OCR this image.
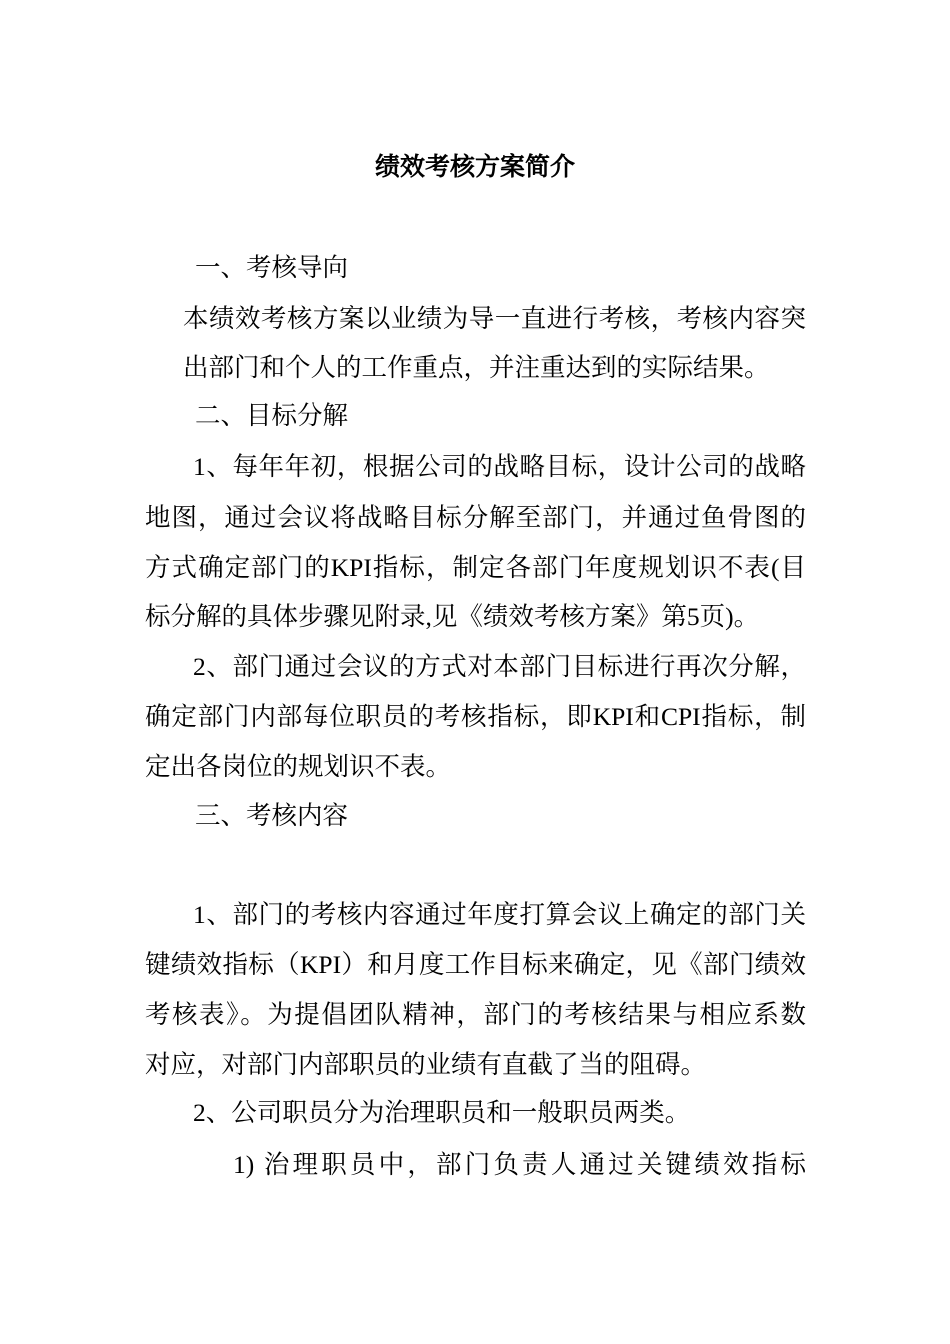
绩效考核方案简介
一、考核导向
本绩效考核方案以业绩为导一直进行考核，考核内容突
出部门和个人的工作重点，并注重达到的实际结果。
二、目标分解
1、每年年初，根据公司的战略目标，设计公司的战略
地图，通过会议将战略目标分解至部门，并通过鱼骨图的
方式确定部门的KPI指标，制定各部门年度规划识不表(目
标分解的具体步骤见附录,见《绩效考核方案》第5页)。
2、部门通过会议的方式对本部门目标进行再次分解，
确定部门内部每位职员的考核指标，即KPI和CPI指标，制
定出各岗位的规划识不表。
三、考核内容
1、部门的考核内容通过年度打算会议上确定的部门关
键绩效指标（KPI）和月度工作目标来确定，见《部门绩效
考核表》。为提倡团队精神，部门的考核结果与相应系数
对应，对部门内部职员的业绩有直截了当的阻碍。
2、公司职员分为治理职员和一般职员两类。
1) 治理职员中，部门负责人通过关键绩效指标
